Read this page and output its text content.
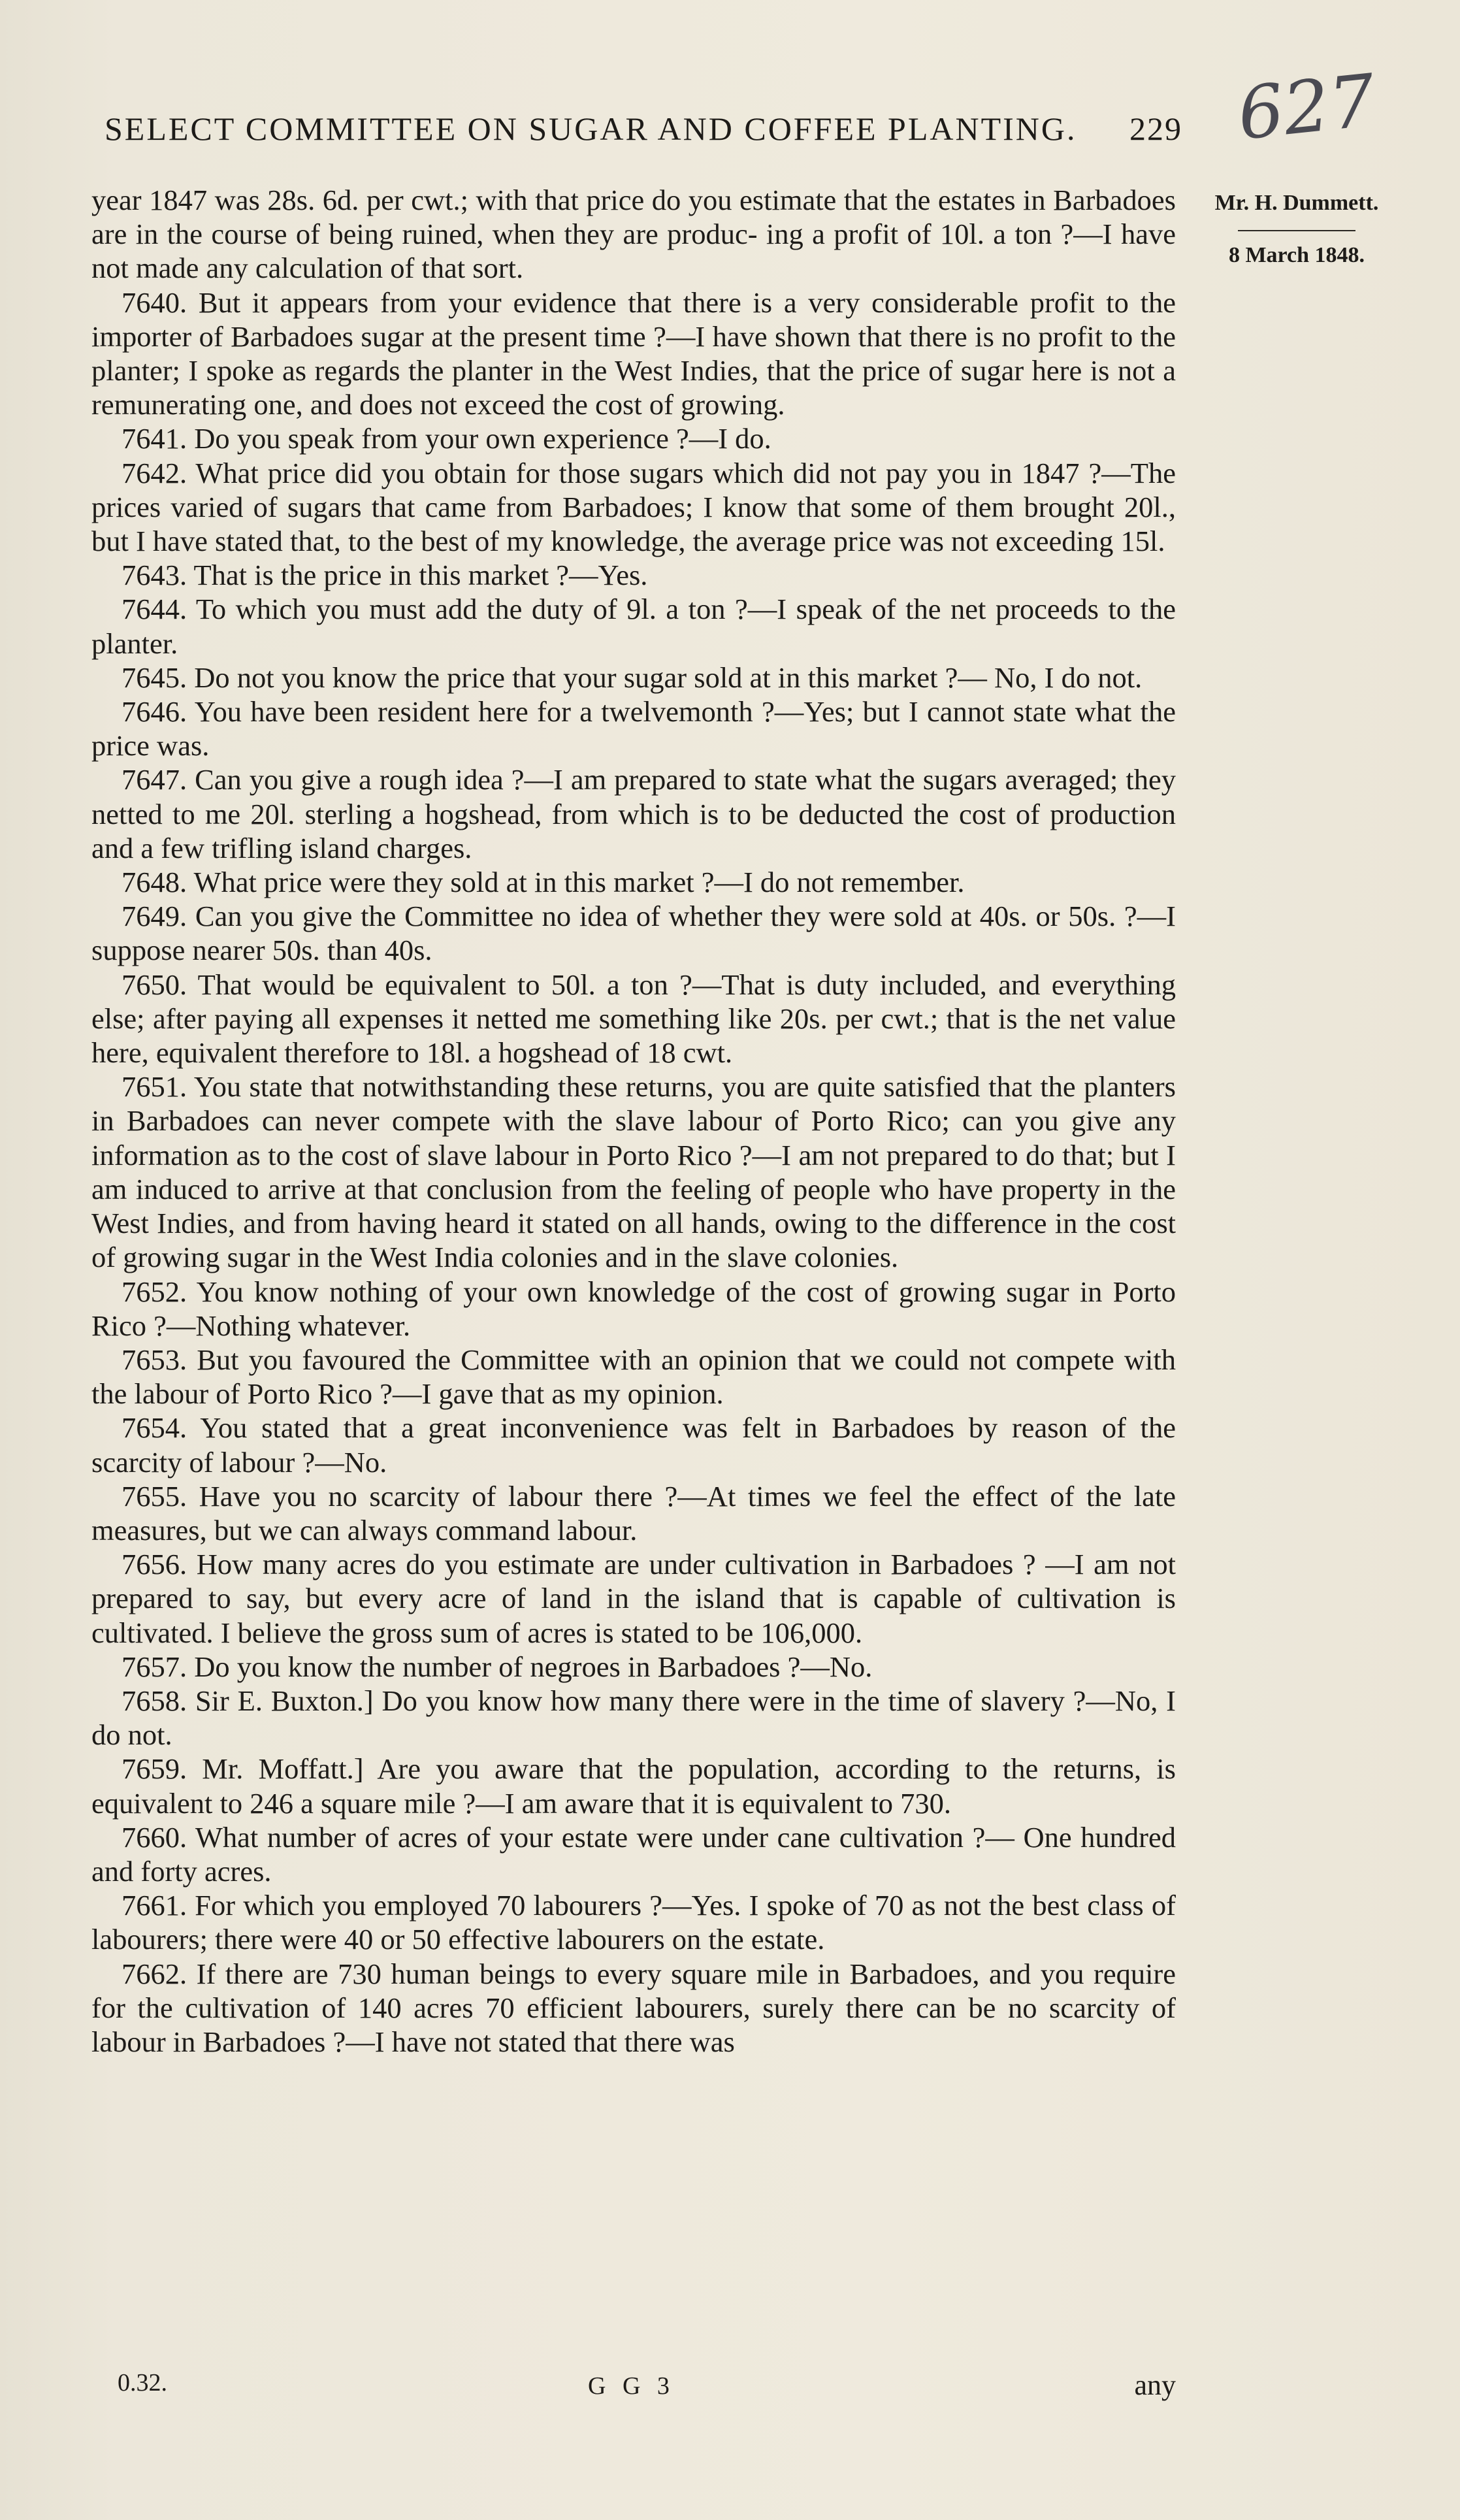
SELECT COMMITTEE ON SUGAR AND COFFEE PLANTING. 229 627
Mr. H. Dummett.
8 March 1848.

year 1847 was 28s. 6d. per cwt.; with that price do you estimate that the estates in Barbadoes are in the course of being ruined, when they are produc- ing a profit of 10l. a ton ?—I have not made any calculation of that sort.

7640. But it appears from your evidence that there is a very considerable profit to the importer of Barbadoes sugar at the present time ?—I have shown that there is no profit to the planter; I spoke as regards the planter in the West Indies, that the price of sugar here is not a remunerating one, and does not exceed the cost of growing.

7641. Do you speak from your own experience ?—I do.

7642. What price did you obtain for those sugars which did not pay you in 1847 ?—The prices varied of sugars that came from Barbadoes; I know that some of them brought 20l., but I have stated that, to the best of my knowledge, the average price was not exceeding 15l.

7643. That is the price in this market ?—Yes.

7644. To which you must add the duty of 9l. a ton ?—I speak of the net proceeds to the planter.

7645. Do not you know the price that your sugar sold at in this market ?— No, I do not.

7646. You have been resident here for a twelvemonth ?—Yes; but I cannot state what the price was.

7647. Can you give a rough idea ?—I am prepared to state what the sugars averaged; they netted to me 20l. sterling a hogshead, from which is to be deducted the cost of production and a few trifling island charges.

7648. What price were they sold at in this market ?—I do not remember.

7649. Can you give the Committee no idea of whether they were sold at 40s. or 50s. ?—I suppose nearer 50s. than 40s.

7650. That would be equivalent to 50l. a ton ?—That is duty included, and everything else; after paying all expenses it netted me something like 20s. per cwt.; that is the net value here, equivalent therefore to 18l. a hogshead of 18 cwt.

7651. You state that notwithstanding these returns, you are quite satisfied that the planters in Barbadoes can never compete with the slave labour of Porto Rico; can you give any information as to the cost of slave labour in Porto Rico ?—I am not prepared to do that; but I am induced to arrive at that conclusion from the feeling of people who have property in the West Indies, and from having heard it stated on all hands, owing to the difference in the cost of growing sugar in the West India colonies and in the slave colonies.

7652. You know nothing of your own knowledge of the cost of growing sugar in Porto Rico ?—Nothing whatever.

7653. But you favoured the Committee with an opinion that we could not compete with the labour of Porto Rico ?—I gave that as my opinion.

7654. You stated that a great inconvenience was felt in Barbadoes by reason of the scarcity of labour ?—No.

7655. Have you no scarcity of labour there ?—At times we feel the effect of the late measures, but we can always command labour.

7656. How many acres do you estimate are under cultivation in Barbadoes ? —I am not prepared to say, but every acre of land in the island that is capable of cultivation is cultivated. I believe the gross sum of acres is stated to be 106,000.

7657. Do you know the number of negroes in Barbadoes ?—No.

7658. Sir E. Buxton.] Do you know how many there were in the time of slavery ?—No, I do not.

7659. Mr. Moffatt.] Are you aware that the population, according to the returns, is equivalent to 246 a square mile ?—I am aware that it is equivalent to 730.

7660. What number of acres of your estate were under cane cultivation ?— One hundred and forty acres.

7661. For which you employed 70 labourers ?—Yes. I spoke of 70 as not the best class of labourers; there were 40 or 50 effective labourers on the estate.

7662. If there are 730 human beings to every square mile in Barbadoes, and you require for the cultivation of 140 acres 70 efficient labourers, surely there can be no scarcity of labour in Barbadoes ?—I have not stated that there was

0.32.	G G 3	any
